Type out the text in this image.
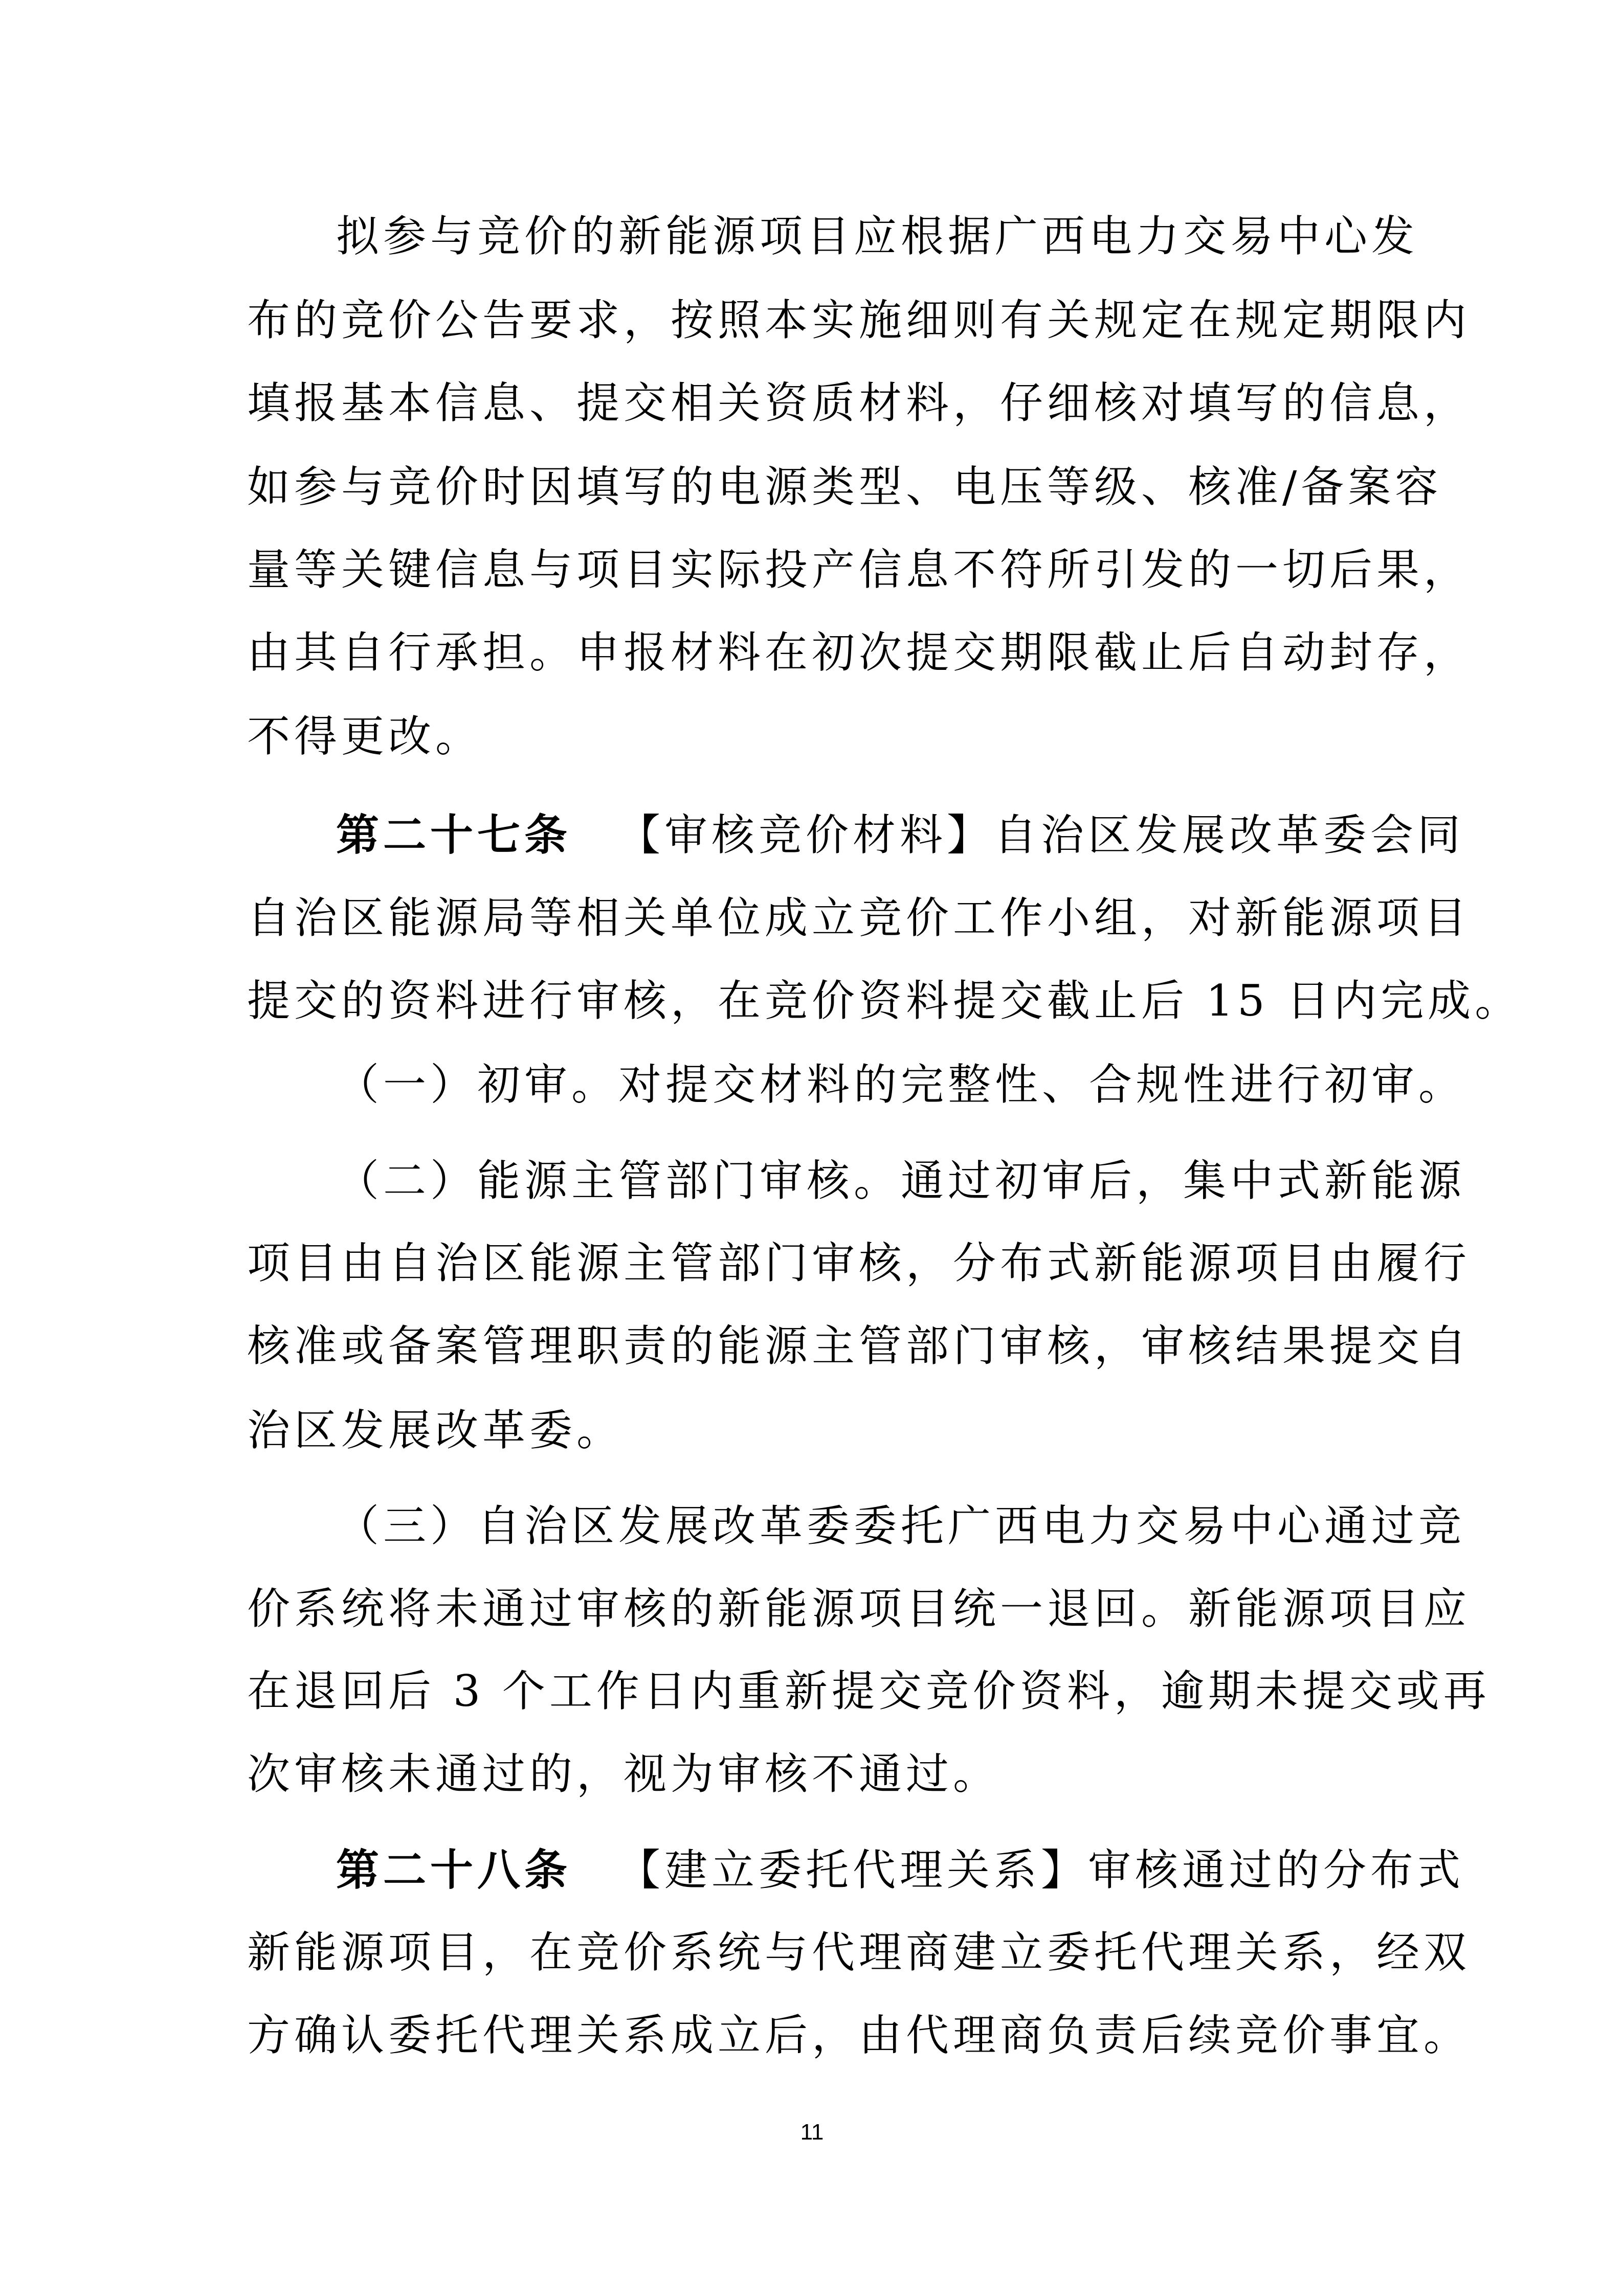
拟参与竞价的新能源项目应根据广西电力交易中心发
布的竞价公告要求，按照本实施细则有关规定在规定期限内
填报基本信息、提交相关资质材料，仔细核对填写的信息，
如参与竞价时因填写的电源类型、电压等级、核准/备案容
量等关键信息与项目实际投产信息不符所引发的一切后果，
由其自行承担。申报材料在初次提交期限截止后自动封存，
不得更改。
第二十七条 【审核竞价材料】自治区发展改革委会同
自治区能源局等相关单位成立竞价工作小组，对新能源项目
提交的资料进行审核，在竞价资料提交截止后 15 日内完成。
（一）初审。对提交材料的完整性、合规性进行初审。
（二）能源主管部门审核。通过初审后，集中式新能源
项目由自治区能源主管部门审核，分布式新能源项目由履行
核准或备案管理职责的能源主管部门审核，审核结果提交自
治区发展改革委。
（三）自治区发展改革委委托广西电力交易中心通过竞
价系统将未通过审核的新能源项目统一退回。新能源项目应
在退回后 3 个工作日内重新提交竞价资料，逾期未提交或再
次审核未通过的，视为审核不通过。
第二十八条 【建立委托代理关系】审核通过的分布式
新能源项目，在竞价系统与代理商建立委托代理关系，经双
方确认委托代理关系成立后，由代理商负责后续竞价事宜。
11
